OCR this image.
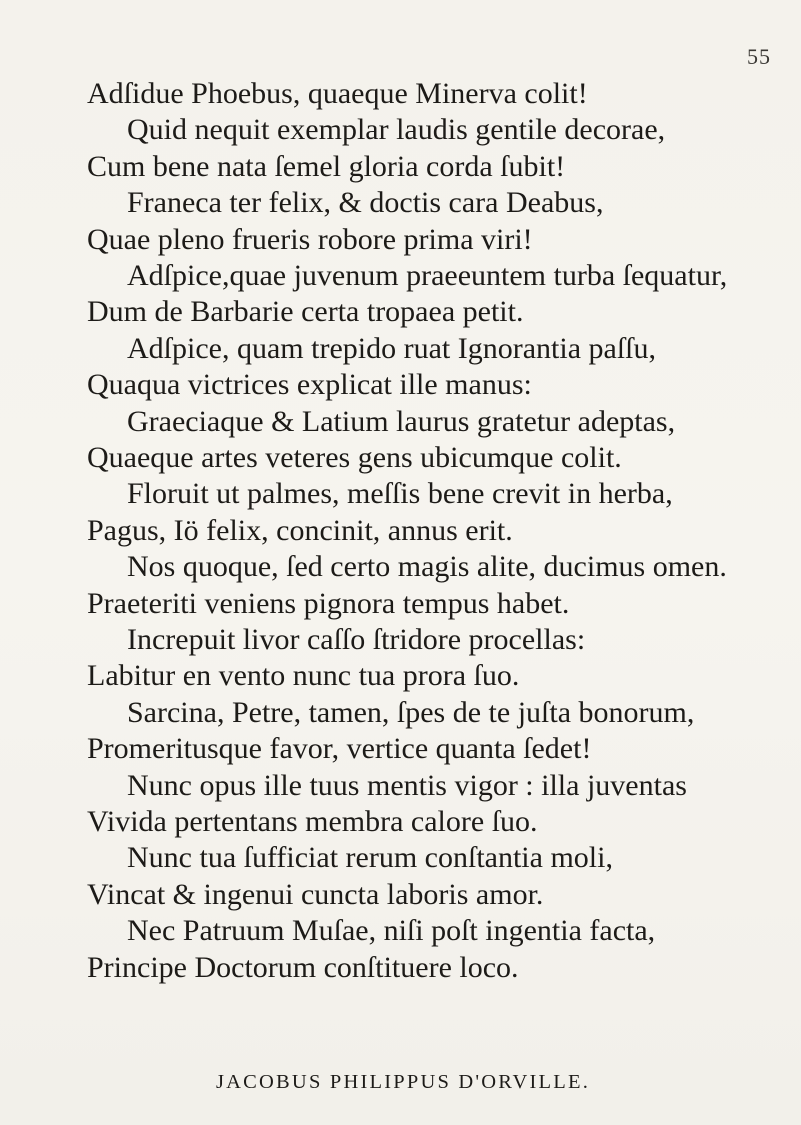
55
Adſidue Phoebus, quaeque Minerva colit!
Quid nequit exemplar laudis gentile decorae,
Cum bene nata ſemel gloria corda ſubit!
Franeca ter felix, & doctis cara Deabus,
Quae pleno frueris robore prima viri!
Adſpice,quae juvenum praeeuntem turba ſequatur,
Dum de Barbarie certa tropaea petit.
Adſpice, quam trepido ruat Ignorantia paſſu,
Quaqua victrices explicat ille manus:
Graeciaque & Latium laurus gratetur adeptas,
Quaeque artes veteres gens ubicumque colit.
Floruit ut palmes, meſſis bene crevit in herba,
Pagus, Iö felix, concinit, annus erit.
Nos quoque, ſed certo magis alite, ducimus omen.
Praeteriti veniens pignora tempus habet.
Increpuit livor caſſo ſtridore procellas:
Labitur en vento nunc tua prora ſuo.
Sarcina, Petre, tamen, ſpes de te juſta bonorum,
Promeritusque favor, vertice quanta ſedet!
Nunc opus ille tuus mentis vigor : illa juventas
Vivida pertentans membra calore ſuo.
Nunc tua ſufficiat rerum conſtantia moli,
Vincat & ingenui cuncta laboris amor.
Nec Patruum Muſae, niſi poſt ingentia facta,
Principe Doctorum conſtituere loco.
JACOBUS PHILIPPUS D'ORVILLE.
